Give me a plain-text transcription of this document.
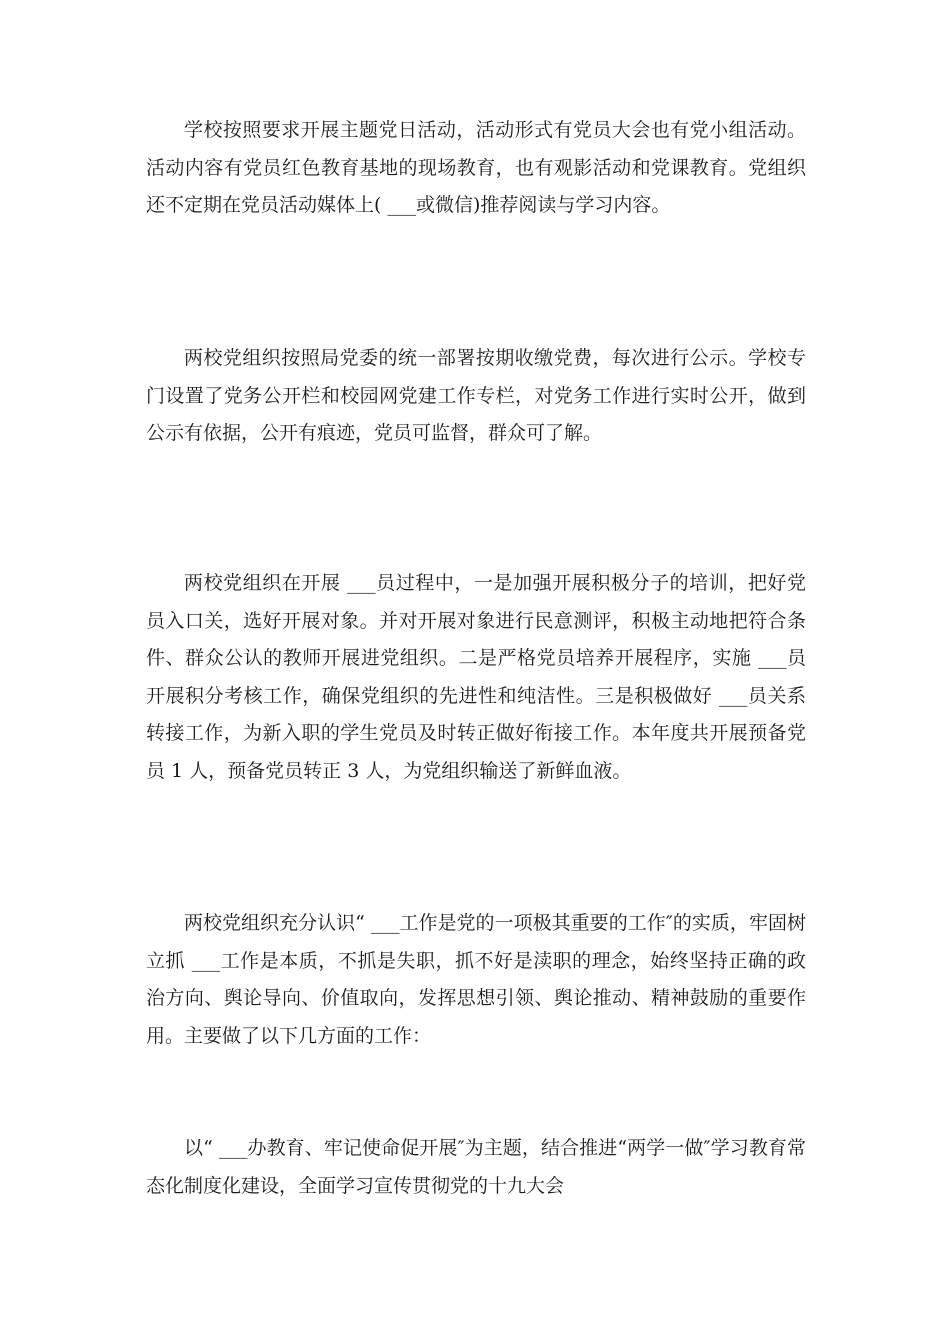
学校按照要求开展主题党日活动，活动形式有党员大会也有党小组活动。活动内容有党员红色教育基地的现场教育，也有观影活动和党课教育。党组织还不定期在党员活动媒体上( ___或微信)推荐阅读与学习内容。

两校党组织按照局党委的统一部署按期收缴党费，每次进行公示。学校专门设置了党务公开栏和校园网党建工作专栏，对党务工作进行实时公开，做到公示有依据，公开有痕迹，党员可监督，群众可了解。

两校党组织在开展 ___员过程中，一是加强开展积极分子的培训，把好党员入口关，选好开展对象。并对开展对象进行民意测评，积极主动地把符合条件、群众公认的教师开展进党组织。二是严格党员培养开展程序，实施 ___员开展积分考核工作，确保党组织的先进性和纯洁性。三是积极做好 ___员关系转接工作，为新入职的学生党员及时转正做好衔接工作。本年度共开展预备党员 1 人，预备党员转正 3 人，为党组织输送了新鲜血液。

两校党组织充分认识“ ___工作是党的一项极其重要的工作″的实质，牢固树立抓 ___工作是本质，不抓是失职，抓不好是渎职的理念，始终坚持正确的政治方向、舆论导向、价值取向，发挥思想引领、舆论推动、精神鼓励的重要作用。主要做了以下几方面的工作：

以“ ___办教育、牢记使命促开展″为主题，结合推进“两学一做″学习教育常态化制度化建设，全面学习宣传贯彻党的十九大会
